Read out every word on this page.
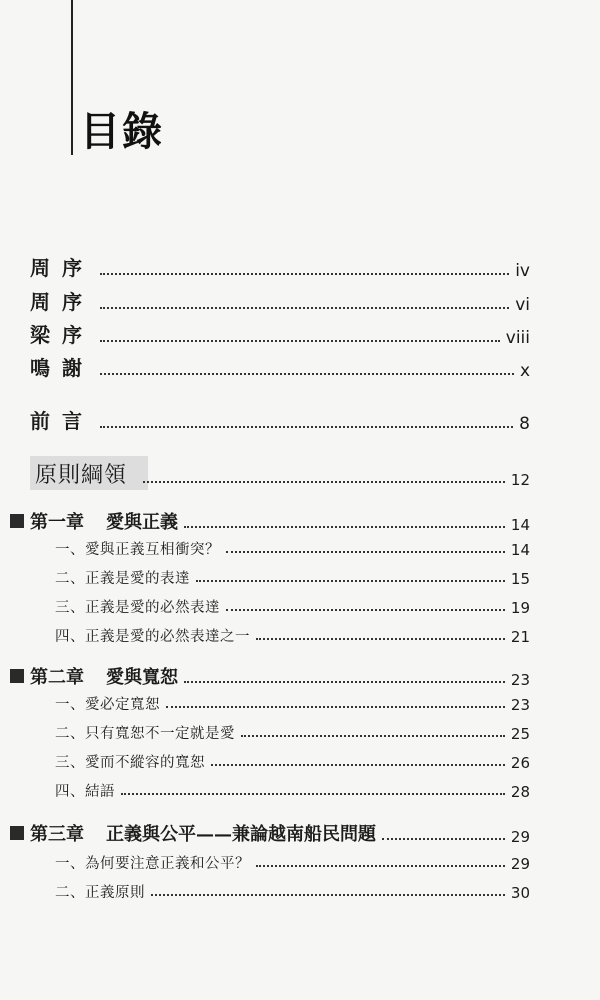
目錄
周序	iv
周序	vi
梁序	viii
鳴謝	x
前言	8
原則綱領	12
第一章 愛與正義	14
一、愛與正義互相衝突？	14
二、正義是愛的表達	15
三、正義是愛的必然表達	19
四、正義是愛的必然表達之一	21
第二章 愛與寬恕	23
一、愛必定寬恕	23
二、只有寬恕不一定就是愛	25
三、愛而不縱容的寬恕	26
四、結語	28
第三章 正義與公平——兼論越南船民問題	29
一、為何要注意正義和公平？	29
二、正義原則	30
